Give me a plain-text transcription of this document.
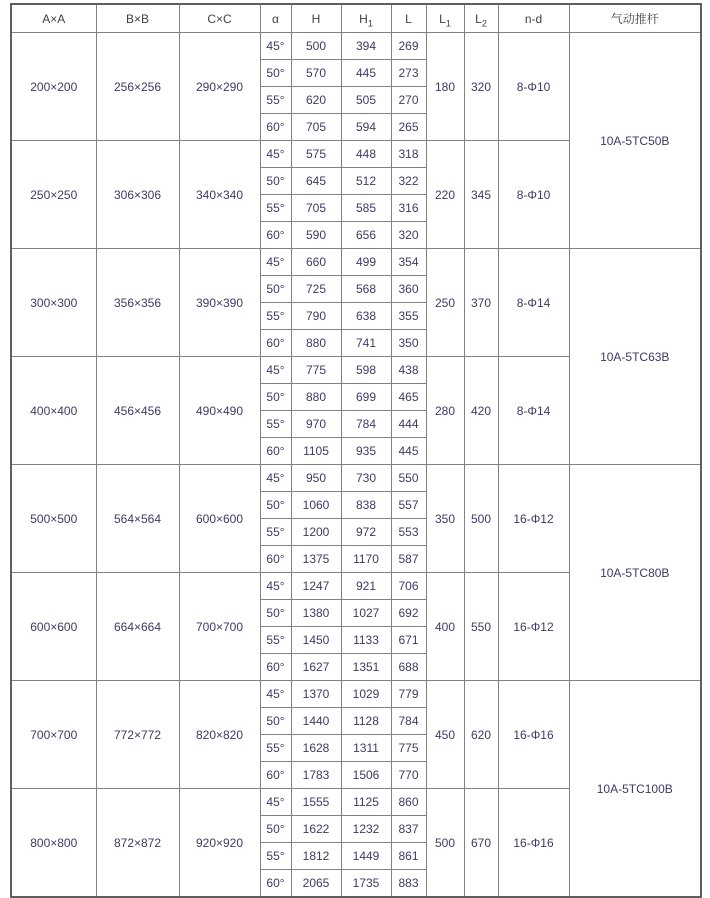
A×A	B×B	C×C	α	H	$H_1$	L	$L_1$	$L_2$	n-d	气动推杆
200×200	256×256	290×290	45°	500	394	269	180	320	8-Φ10	10A-5TC50B
			50°	570	445	273				
			55°	620	505	270				
			60°	705	594	265				
250×250	306×306	340×340	45°	575	448	318	220	345	8-Φ10	
			50°	645	512	322				
			55°	705	585	316				
			60°	590	656	320				
300×300	356×356	390×390	45°	660	499	354	250	370	8-Φ14	10A-5TC63B
			50°	725	568	360				
			55°	790	638	355				
			60°	880	741	350				
400×400	456×456	490×490	45°	775	598	438	280	420	8-Φ14	
			50°	880	699	465				
			55°	970	784	444				
			60°	1105	935	445				
500×500	564×564	600×600	45°	950	730	550	350	500	16-Φ12	10A-5TC80B
			50°	1060	838	557				
			55°	1200	972	553				
			60°	1375	1170	587				
600×600	664×664	700×700	45°	1247	921	706	400	550	16-Φ12	
			50°	1380	1027	692				
			55°	1450	1133	671				
			60°	1627	1351	688				
700×700	772×772	820×820	45°	1370	1029	779	450	620	16-Φ16	10A-5TC100B
			50°	1440	1128	784				
			55°	1628	1311	775				
			60°	1783	1506	770				
800×800	872×872	920×920	45°	1555	1125	860	500	670	16-Φ16	
			50°	1622	1232	837				
			55°	1812	1449	861				
			60°	2065	1735	883				
